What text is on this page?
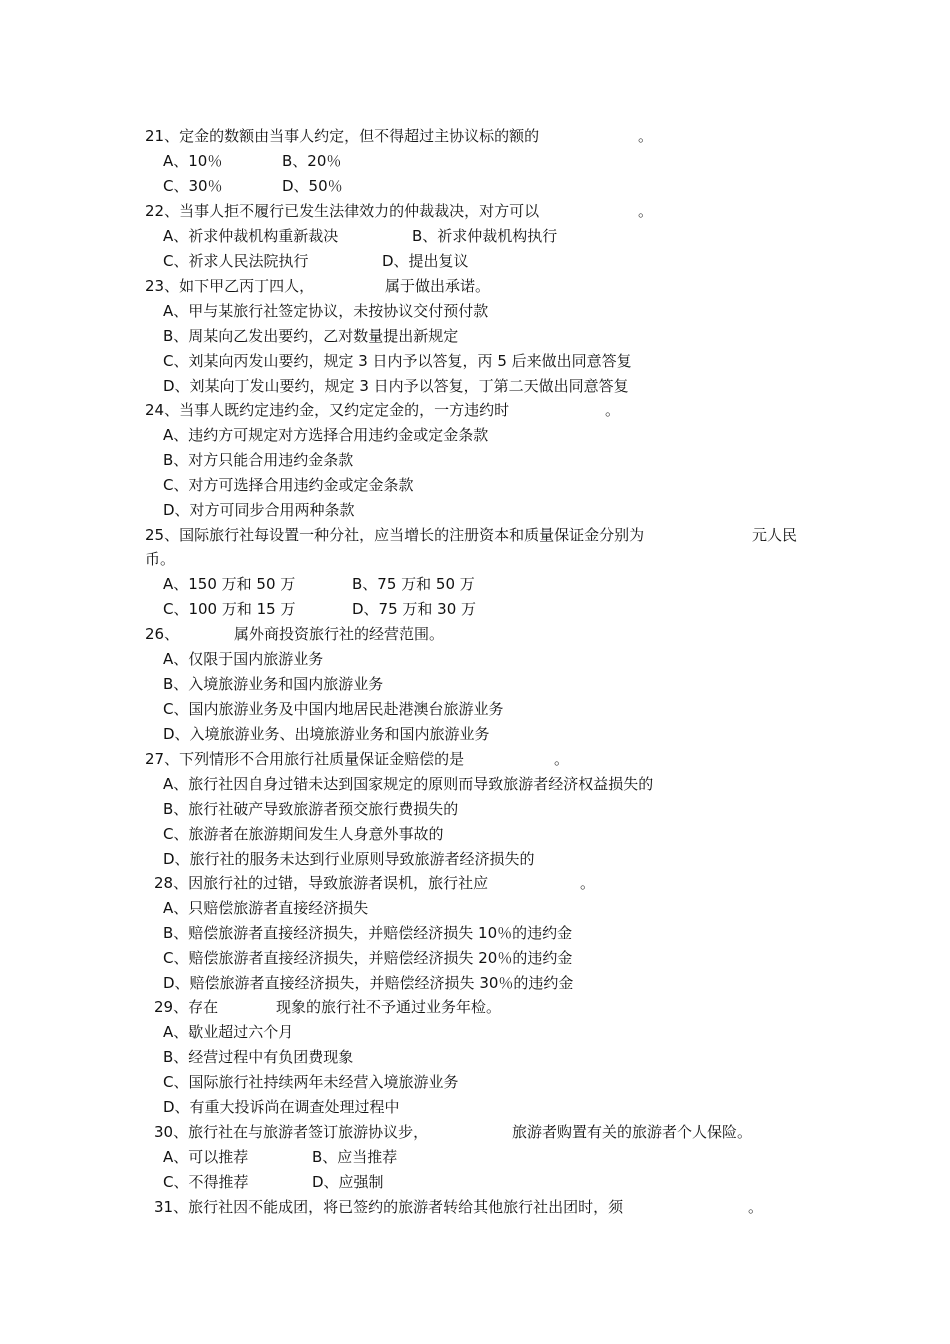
21、定金的数额由当事人约定，但不得超过主协议标的额的	。
A、10％	B、20％
C、30％	D、50％
22、当事人拒不履行已发生法律效力的仲裁裁决，对方可以	。
A、祈求仲裁机构重新裁决	B、祈求仲裁机构执行
C、祈求人民法院执行	D、提出复议
23、如下甲乙丙丁四人，	属于做出承诺。
A、甲与某旅行社签定协议，未按协议交付预付款
B、周某向乙发出要约，乙对数量提出新规定
C、刘某向丙发山要约，规定 3 日内予以答复，丙 5 后来做出同意答复
D、刘某向丁发山要约，规定 3 日内予以答复，丁第二天做出同意答复
24、当事人既约定违约金，又约定定金的，一方违约时	。
A、违约方可规定对方选择合用违约金或定金条款
B、对方只能合用违约金条款
C、对方可选择合用违约金或定金条款
D、对方可同步合用两种条款
25、国际旅行社每设置一种分社，应当增长的注册资本和质量保证金分别为	元人民
币。
A、150 万和 50 万	B、75 万和 50 万
C、100 万和 15 万	D、75 万和 30 万
26、	属外商投资旅行社的经营范围。
A、仅限于国内旅游业务
B、入境旅游业务和国内旅游业务
C、国内旅游业务及中国内地居民赴港澳台旅游业务
D、入境旅游业务、出境旅游业务和国内旅游业务
27、下列情形不合用旅行社质量保证金赔偿的是	。
A、旅行社因自身过错未达到国家规定的原则而导致旅游者经济权益损失的
B、旅行社破产导致旅游者预交旅行费损失的
C、旅游者在旅游期间发生人身意外事故的
D、旅行社的服务未达到行业原则导致旅游者经济损失的
28、因旅行社的过错，导致旅游者误机，旅行社应	。
A、只赔偿旅游者直接经济损失
B、赔偿旅游者直接经济损失，并赔偿经济损失 10％的违约金
C、赔偿旅游者直接经济损失，并赔偿经济损失 20％的违约金
D、赔偿旅游者直接经济损失，并赔偿经济损失 30％的违约金
29、存在	现象的旅行社不予通过业务年检。
A、歇业超过六个月
B、经营过程中有负团费现象
C、国际旅行社持续两年未经营入境旅游业务
D、有重大投诉尚在调查处理过程中
30、旅行社在与旅游者签订旅游协议步，	旅游者购置有关的旅游者个人保险。
A、可以推荐	B、应当推荐
C、不得推荐	D、应强制
31、旅行社因不能成团，将已签约的旅游者转给其他旅行社出团时，须	。
